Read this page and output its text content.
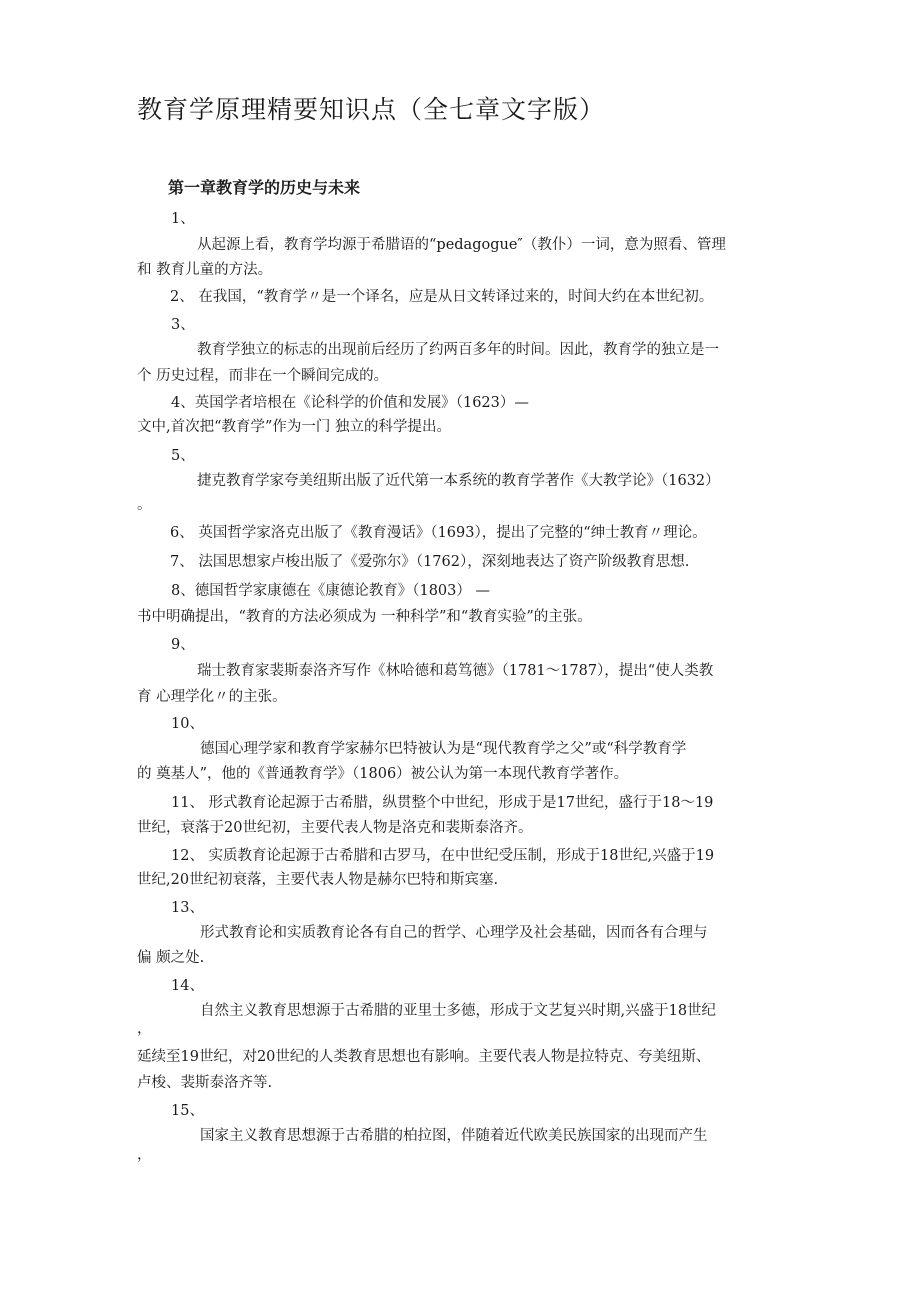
教育学原理精要知识点（全七章文字版）
第一章教育学的历史与未来
1、
从起源上看，教育学均源于希腊语的“pedagogue″（教仆）一词，意为照看、管理
和 教育儿童的方法。
2、 在我国，“教育学〃是一个译名，应是从日文转译过来的，时间大约在本世纪初。
3、
教育学独立的标志的出现前后经历了约两百多年的时间。因此，教育学的独立是一
个 历史过程，而非在一个瞬间完成的。
4、英国学者培根在《论科学的价值和发展》（1623）—
文中,首次把“教育学”作为一门 独立的科学提出。
5、
捷克教育学家夸美纽斯出版了近代第一本系统的教育学著作《大教学论》（1632）
。
6、 英国哲学家洛克出版了《教育漫话》（1693），提出了完整的“绅士教育〃理论。
7、 法国思想家卢梭出版了《爱弥尔》（1762），深刻地表达了资产阶级教育思想.
8、德国哲学家康德在《康德论教育》（1803） —
书中明确提出，“教育的方法必须成为 一种科学”和“教育实验”的主张。
9、
瑞士教育家裴斯泰洛齐写作《林哈德和葛笃德》（1781～1787），提出“使人类教
育 心理学化〃的主张。
10、
德国心理学家和教育学家赫尔巴特被认为是“现代教育学之父”或“科学教育学
的 奠基人”，他的《普通教育学》（1806）被公认为第一本现代教育学著作。
11、 形式教育论起源于古希腊，纵贯整个中世纪，形成于是17世纪，盛行于18～19
世纪，衰落于20世纪初，主要代表人物是洛克和裴斯泰洛齐。
12、 实质教育论起源于古希腊和古罗马，在中世纪受压制，形成于18世纪,兴盛于19
世纪,20世纪初衰落，主要代表人物是赫尔巴特和斯宾塞.
13、
形式教育论和实质教育论各有自己的哲学、心理学及社会基础，因而各有合理与
偏 颇之处.
14、
自然主义教育思想源于古希腊的亚里士多德，形成于文艺复兴时期,兴盛于18世纪
，
延续至19世纪，对20世纪的人类教育思想也有影响。主要代表人物是拉特克、夸美纽斯、
卢梭、裴斯泰洛齐等.
15、
国家主义教育思想源于古希腊的柏拉图，伴随着近代欧美民族国家的出现而产生
，
